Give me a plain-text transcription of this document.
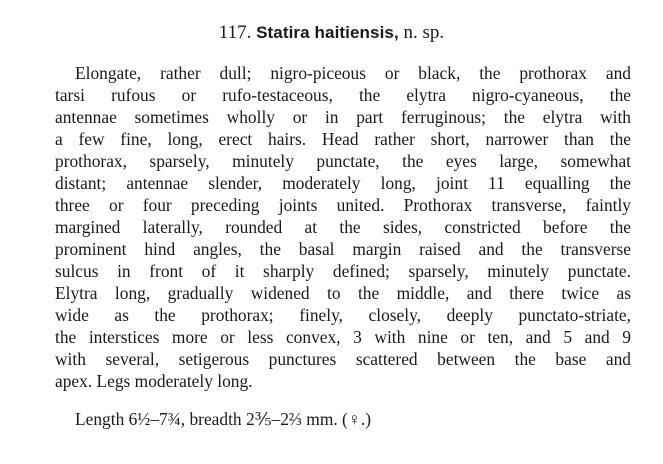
117. Statira haitiensis, n. sp.
Elongate, rather dull; nigro-piceous or black, the prothorax and
tarsi rufous or rufo-testaceous, the elytra nigro-cyaneous, the
antennae sometimes wholly or in part ferruginous; the elytra with
a few fine, long, erect hairs. Head rather short, narrower than the
prothorax, sparsely, minutely punctate, the eyes large, somewhat
distant; antennae slender, moderately long, joint 11 equalling the
three or four preceding joints united. Prothorax transverse, faintly
margined laterally, rounded at the sides, constricted before the
prominent hind angles, the basal margin raised and the transverse
sulcus in front of it sharply defined; sparsely, minutely punctate.
Elytra long, gradually widened to the middle, and there twice as
wide as the prothorax; finely, closely, deeply punctato-striate,
the interstices more or less convex, 3 with nine or ten, and 5 and 9
with several, setigerous punctures scattered between the base and
apex. Legs moderately long.
Length 6½–7¾, breadth 2⅗–2⅔ mm. (♀.)
